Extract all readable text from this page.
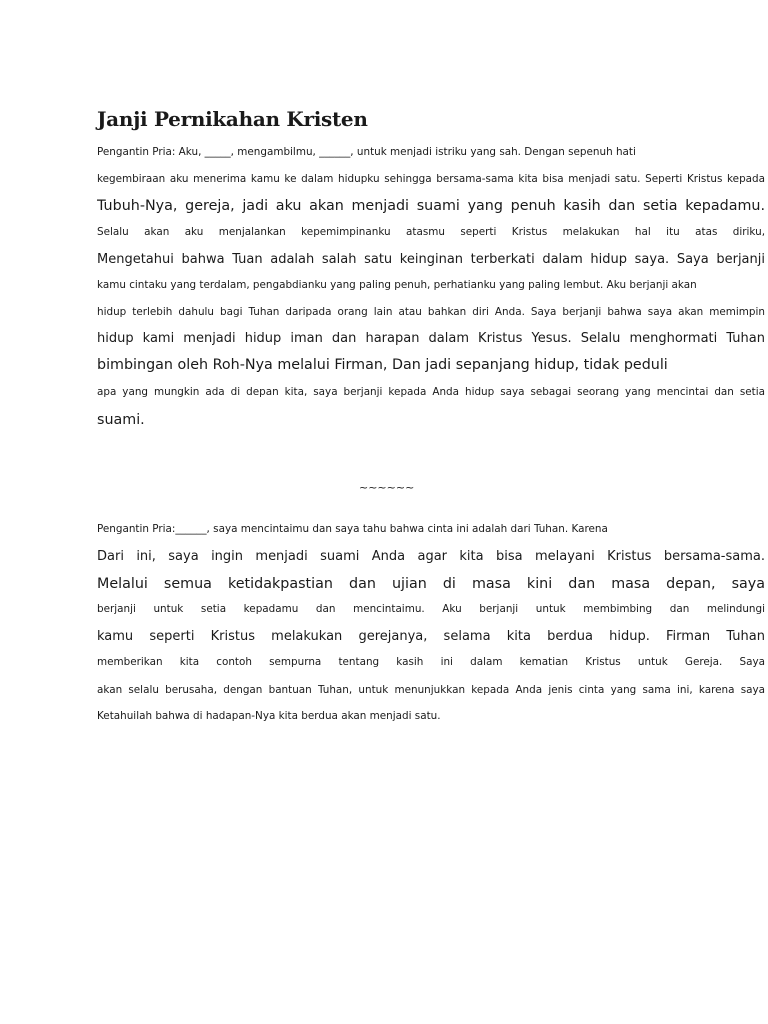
Janji Pernikahan Kristen

Pengantin Pria: Aku, _____, mengambilmu, ______, untuk menjadi istriku yang sah. Dengan sepenuh hati

kegembiraan aku menerima kamu ke dalam hidupku sehingga bersama-sama kita bisa menjadi satu. Seperti Kristus kepada

Tubuh-Nya, gereja, jadi aku akan menjadi suami yang penuh kasih dan setia kepadamu.

Selalu akan aku menjalankan kepemimpinanku atasmu seperti Kristus melakukan hal itu atas diriku,

Mengetahui bahwa Tuan adalah salah satu keinginan terberkati dalam hidup saya. Saya berjanji

kamu cintaku yang terdalam, pengabdianku yang paling penuh, perhatianku yang paling lembut. Aku berjanji akan

hidup terlebih dahulu bagi Tuhan daripada orang lain atau bahkan diri Anda. Saya berjanji bahwa saya akan memimpin

hidup kami menjadi hidup iman dan harapan dalam Kristus Yesus. Selalu menghormati Tuhan

bimbingan oleh Roh-Nya melalui Firman, Dan jadi sepanjang hidup, tidak peduli

apa yang mungkin ada di depan kita, saya berjanji kepada Anda hidup saya sebagai seorang yang mencintai dan setia

suami.

~~~~~~

Pengantin Pria:______, saya mencintaimu dan saya tahu bahwa cinta ini adalah dari Tuhan. Karena

Dari ini, saya ingin menjadi suami Anda agar kita bisa melayani Kristus bersama-sama.

Melalui semua ketidakpastian dan ujian di masa kini dan masa depan, saya

berjanji untuk setia kepadamu dan mencintaimu. Aku berjanji untuk membimbing dan melindungi

kamu seperti Kristus melakukan gerejanya, selama kita berdua hidup. Firman Tuhan

memberikan kita contoh sempurna tentang kasih ini dalam kematian Kristus untuk Gereja. Saya

akan selalu berusaha, dengan bantuan Tuhan, untuk menunjukkan kepada Anda jenis cinta yang sama ini, karena saya

Ketahuilah bahwa di hadapan-Nya kita berdua akan menjadi satu.
